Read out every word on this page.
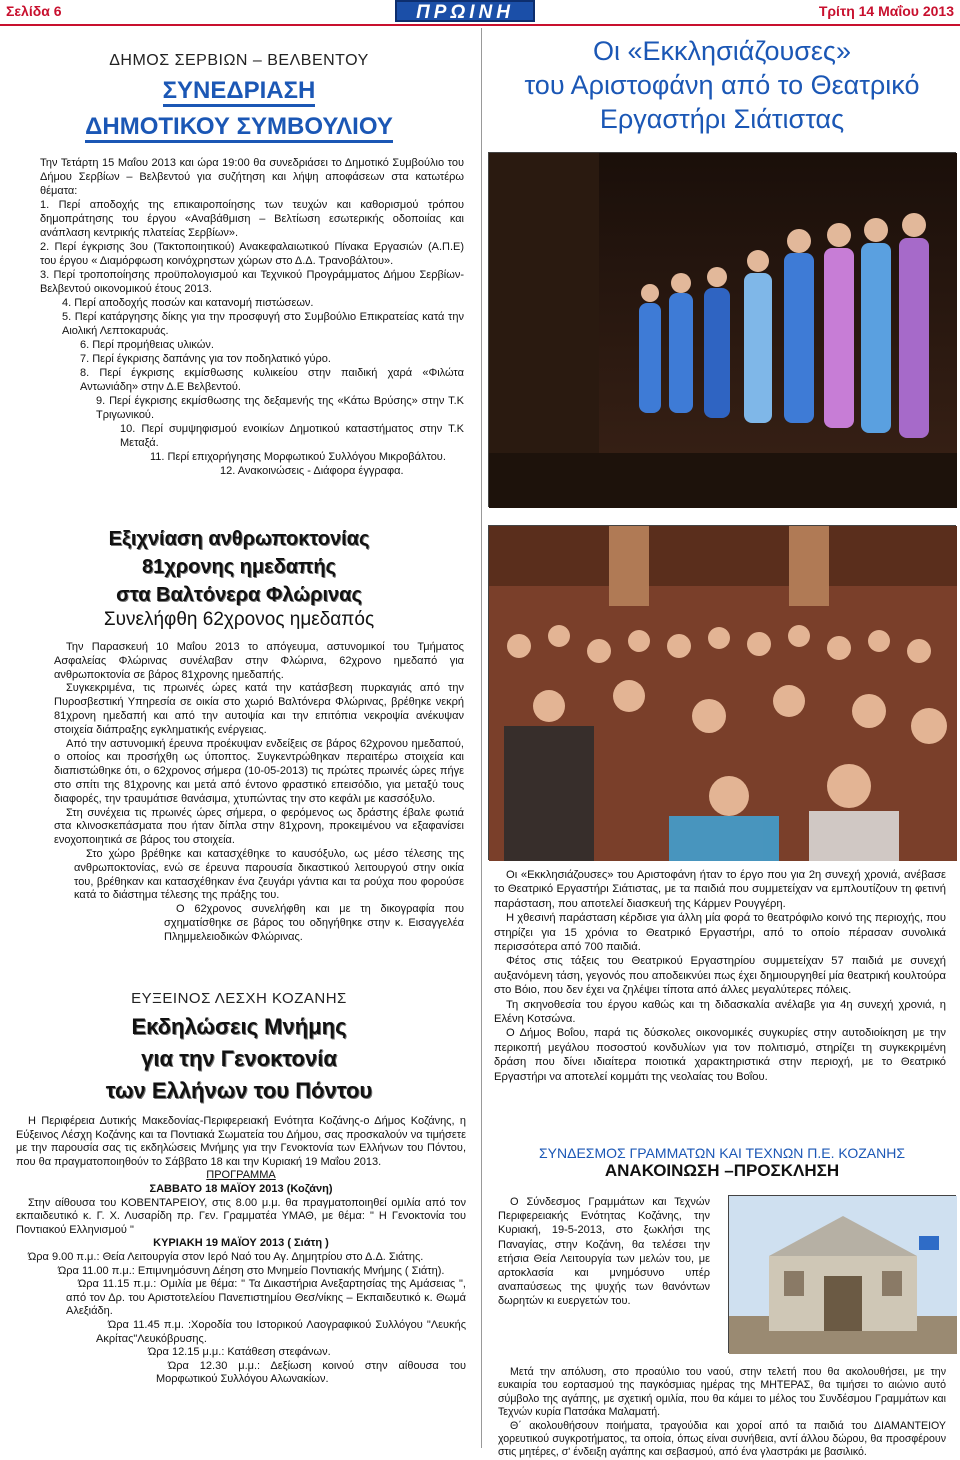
Σελίδα 6	ΠΡΩΙΝΗ	Τρίτη 14 Μαΐου 2013
ΔΗΜΟΣ ΣΕΡΒΙΩΝ – ΒΕΛΒΕΝΤΟΥ
ΣΥΝΕΔΡΙΑΣΗ
ΔΗΜΟΤΙΚΟΥ ΣΥΜΒΟΥΛΙΟΥ

Την Τετάρτη 15 Μαΐου 2013 και ώρα 19:00 θα συνεδριάσει το Δημοτικό Συμβούλιο του Δήμου Σερβίων – Βελβεντού για συζήτηση και λήψη αποφάσεων στα κατωτέρω θέματα:

1. Περί αποδοχής της επικαιροποίησης των τευχών και καθορισμού τρόπου δημοπράτησης του έργου «Αναβάθμιση – Βελτίωση εσωτερικής οδοποιίας και ανάπλαση κεντρικής πλατείας Σερβίων».

2. Περί έγκρισης 3ου (Τακτοποιητικού) Ανακεφαλαιωτικού Πίνακα Εργασιών (Α.Π.Ε) του έργου « Διαμόρφωση κοινόχρηστων χώρων στο Δ.Δ. Τρανοβάλτου».

3. Περί τροποποίησης προϋπολογισμού και Τεχνικού Προγράμματος Δήμου Σερβίων-Βελβεντού οικονομικού έτους 2013.

4. Περί αποδοχής ποσών και κατανομή πιστώσεων.

5. Περί κατάργησης δίκης για την προσφυγή στο Συμβούλιο Επικρατείας κατά την Αιολική Λεπτοκαρυάς.

6. Περί προμήθειας υλικών.

7. Περί έγκρισης δαπάνης για τον ποδηλατικό γύρο.

8. Περί έγκρισης εκμίσθωσης κυλικείου στην παιδική χαρά «Φιλώτα Αντωνιάδη» στην Δ.Ε Βελβεντού.

9. Περί έγκρισης εκμίσθωσης της δεξαμενής της «Κάτω Βρύσης» στην Τ.Κ Τριγωνικού.

10. Περί συμψηφισμού ενοικίων Δημοτικού καταστήματος στην Τ.Κ Μεταξά.

11. Περί επιχορήγησης Μορφωτικού Συλλόγου Μικροβάλτου.

12. Ανακοινώσεις - Διάφορα έγγραφα.

Οι «Εκκλησιάζουσες»
του Αριστοφάνη από το Θεατρικό
Εργαστήρι Σιάτιστας
Εξιχνίαση ανθρωποκτονίας
81χρονης ημεδαπής
στα Βαλτόνερα Φλώρινας
Συνελήφθη 62χρονος ημεδαπός

Την Παρασκευή 10 Μαΐου 2013 το απόγευμα, αστυνομικοί του Τμήματος Ασφαλείας Φλώρινας συνέλαβαν στην Φλώρινα, 62χρονο ημεδαπό για ανθρωποκτονία σε βάρος 81χρονης ημεδαπής.

Συγκεκριμένα, τις πρωινές ώρες κατά την κατάσβεση πυρκαγιάς από την Πυροσβεστική Υπηρεσία σε οικία στο χωριό Βαλτόνερα Φλώρινας, βρέθηκε νεκρή 81χρονη ημεδαπή και από την αυτοψία και την επιτόπια νεκροψία ανέκυψαν στοιχεία διάπραξης εγκληματικής ενέργειας.

Από την αστυνομική έρευνα προέκυψαν ενδείξεις σε βάρος 62χρονου ημεδαπού, ο οποίος και προσήχθη ως ύποπτος. Συγκεντρώθηκαν περαιτέρω στοιχεία και διαπιστώθηκε ότι, ο 62χρονος σήμερα (10-05-2013) τις πρώτες πρωινές ώρες πήγε στο σπίτι της 81χρονης και μετά από έντονο φραστικό επεισόδιο, για μεταξύ τους διαφορές, την τραυμάτισε θανάσιμα, χτυπώντας την στο κεφάλι με κασσόξυλο.

Στη συνέχεια τις πρωινές ώρες σήμερα, ο φερόμενος ως δράστης έβαλε φωτιά στα κλινοσκεπάσματα που ήταν δίπλα στην 81χρονη, προκειμένου να εξαφανίσει ενοχοποιητικά σε βάρος του στοιχεία.

Στο χώρο βρέθηκε και κατασχέθηκε το καυσόξυλο, ως μέσο τέλεσης της ανθρωποκτονίας, ενώ σε έρευνα παρουσία δικαστικού λειτουργού στην οικία του, βρέθηκαν και κατασχέθηκαν ένα ζευγάρι γάντια και τα ρούχα που φορούσε κατά το διάστημα τέλεσης της πράξης του.

Ο 62χρονος συνελήφθη και με τη δικογραφία που σχηματίσθηκε σε βάρος του οδηγήθηκε στην κ. Εισαγγελέα Πλημμελειοδικών Φλώρινας.

Οι «Εκκλησιάζουσες» του Αριστοφάνη ήταν το έργο που για 2η συνεχή χρονιά, ανέβασε το Θεατρικό Εργαστήρι Σιάτιστας, με τα παιδιά που συμμετείχαν να εμπλουτίζουν τη φετινή παράσταση, που αποτελεί διασκευή της Κάρμεν Ρουγγέρη.

Η χθεσινή παράσταση κέρδισε για άλλη μία φορά το θεατρόφιλο κοινό της περιοχής, που στηρίζει για 15 χρόνια το Θεατρικό Εργαστήρι, από το οποίο πέρασαν συνολικά περισσότερα από 700 παιδιά.

Φέτος στις τάξεις του Θεατρικού Εργαστηρίου συμμετείχαν 57 παιδιά με συνεχή αυξανόμενη τάση, γεγονός που αποδεικνύει πως έχει δημιουργηθεί μία θεατρική κουλτούρα στο Βόιο, που δεν έχει να ζηλέψει τίποτα από άλλες μεγαλύτερες πόλεις.

Τη σκηνοθεσία του έργου καθώς και τη διδασκαλία ανέλαβε για 4η συνεχή χρονιά, η Ελένη Κοτσώνα.

Ο Δήμος Βοΐου, παρά τις δύσκολες οικονομικές συγκυρίες στην αυτοδιοίκηση με την περικοπή μεγάλου ποσοστού κονδυλίων για τον πολιτισμό, στηρίζει τη συγκεκριμένη δράση που δίνει ιδιαίτερα ποιοτικά χαρακτηριστικά στην περιοχή, με το Θεατρικό Εργαστήρι να αποτελεί κομμάτι της νεολαίας του Βοΐου.

ΕΥΞΕΙΝΟΣ ΛΕΣΧΗ ΚΟΖΑΝΗΣ
Εκδηλώσεις Μνήμης
για την Γενοκτονία
των Ελλήνων του Πόντου

Η Περιφέρεια Δυτικής Μακεδονίας-Περιφερειακή Ενότητα Κοζάνης-ο Δήμος Κοζάνης, η Εύξεινος Λέσχη Κοζάνης και τα Ποντιακά Σωματεία του Δήμου, σας προσκαλούν να τιμήσετε με την παρουσία σας τις εκδηλώσεις Μνήμης για την Γενοκτονία των Ελλήνων του Πόντου, που θα πραγματοποιηθούν το Σάββατο 18 και την Κυριακή 19 Μαΐου 2013.

ΠΡΟΓΡΑΜΜΑ

ΣΑΒΒΑΤΟ 18 ΜΑΪΟΥ 2013 (Κοζάνη)

Στην αίθουσα του ΚΟΒΕΝΤΑΡΕΙΟΥ, στις 8.00 μ.μ. θα πραγματοποιηθεί ομιλία από τον εκπαιδευτικό κ. Γ. Χ. Λυσαρίδη πρ. Γεν. Γραμματέα ΥΜΑΘ, με θέμα: " Η Γενοκτονία του Ποντιακού Ελληνισμού "

ΚΥΡΙΑΚΗ 19 ΜΑΪΟΥ 2013 ( Σιάτη )

Ώρα 9.00 π.μ.: Θεία Λειτουργία στον Ιερό Ναό του Αγ. Δημητρίου στο Δ.Δ. Σιάτης.

Ώρα 11.00 π.μ.: Επιμνημόσυνη Δέηση στο Μνημείο Ποντιακής Μνήμης ( Σιάτη).

Ώρα 11.15 π.μ.: Ομιλία με θέμα: " Τα Δικαστήρια Ανεξαρτησίας της Αμάσειας ", από τον Δρ. του Αριστοτελείου Πανεπιστημίου Θεσ/νίκης – Εκπαιδευτικό κ. Θωμά Αλεξιάδη.

Ώρα 11.45 π.μ. :Χοροδία του Ιστορικού Λαογραφικού Συλλόγου "Λευκής Ακρίτας"Λευκόβρυσης.

Ώρα 12.15 μ.μ.: Κατάθεση στεφάνων.

Ώρα 12.30 μ.μ.: Δεξίωση κοινού στην αίθουσα του Μορφωτικού Συλλόγου Αλωνακίων.

ΣΥΝΔΕΣΜΟΣ ΓΡΑΜΜΑΤΩΝ ΚΑΙ ΤΕΧΝΩΝ Π.Ε. ΚΟΖΑΝΗΣ
ΑΝΑΚΟΙΝΩΣΗ –ΠΡΟΣΚΛΗΣΗ

Ο Σύνδεσμος Γραμμάτων και Τεχνών Περιφερειακής Ενότητας Κοζάνης, την Κυριακή, 19-5-2013, στο ξωκλήσι της Παναγίας, στην Κοζάνη, θα τελέσει την ετήσια Θεία Λειτουργία των μελών του, με αρτοκλασία και μνημόσυνο υπέρ αναπαύσεως της ψυχής των θανόντων δωρητών κι ευεργετών του.

Μετά την απόλυση, στο προαύλιο του ναού, στην τελετή που θα ακολουθήσει, με την ευκαιρία του εορτασμού της παγκόσμιας ημέρας της ΜΗΤΕΡΑΣ, θα τιμήσει το αιώνιο αυτό σύμβολο της αγάπης, με σχετική ομιλία, που θα κάμει το μέλος του Συνδέσμου Γραμμάτων και Τεχνών κυρία Πατσάκα Μαλαματή.

Θ΄ ακολουθήσουν ποιήματα, τραγούδια και χοροί από τα παιδιά του ΔΙΑΜΑΝΤΕΙΟΥ χορευτικού συγκροτήματος, τα οποία, όπως είναι συνήθεια, αντί άλλου δώρου, θα προσφέρουν στις μητέρες, σ' ένδειξη αγάπης και σεβασμού, από ένα γλαστράκι με βασιλικό.
